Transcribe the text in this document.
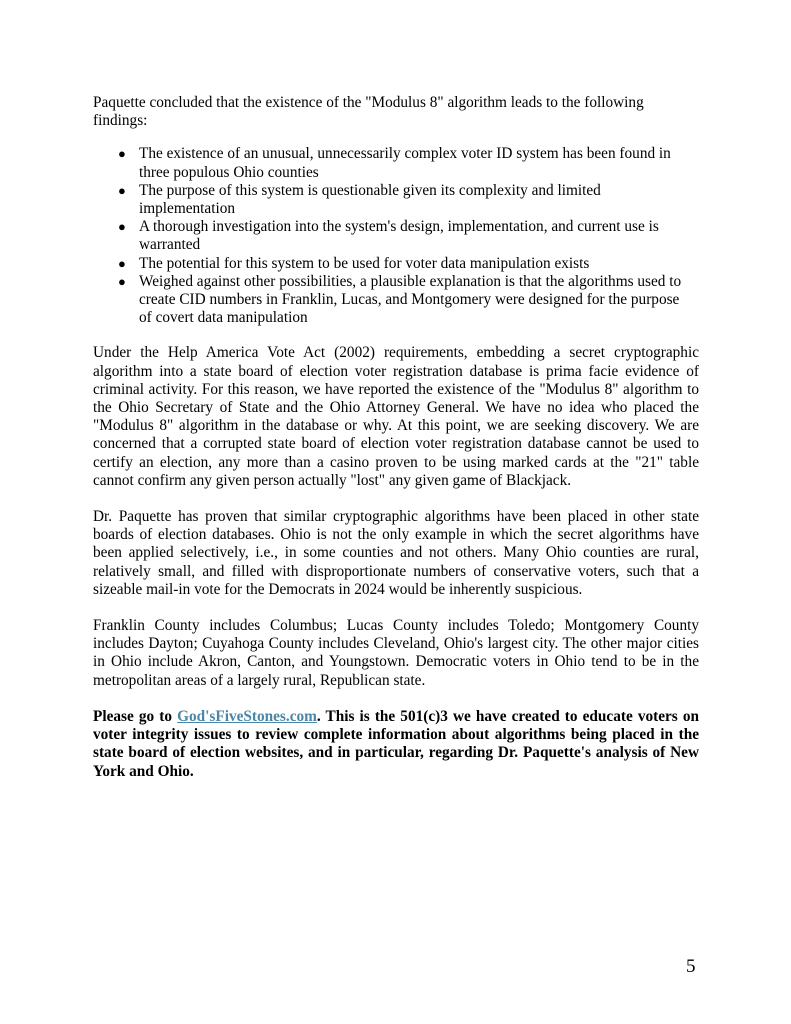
Paquette concluded that the existence of the "Modulus 8" algorithm leads to the following findings:

● The existence of an unusual, unnecessarily complex voter ID system has been found in three populous Ohio counties
● The purpose of this system is questionable given its complexity and limited implementation
● A thorough investigation into the system's design, implementation, and current use is warranted
● The potential for this system to be used for voter data manipulation exists
● Weighed against other possibilities, a plausible explanation is that the algorithms used to create CID numbers in Franklin, Lucas, and Montgomery were designed for the purpose of covert data manipulation

Under the Help America Vote Act (2002) requirements, embedding a secret cryptographic algorithm into a state board of election voter registration database is prima facie evidence of criminal activity. For this reason, we have reported the existence of the "Modulus 8" algorithm to the Ohio Secretary of State and the Ohio Attorney General. We have no idea who placed the "Modulus 8" algorithm in the database or why. At this point, we are seeking discovery. We are concerned that a corrupted state board of election voter registration database cannot be used to certify an election, any more than a casino proven to be using marked cards at the "21" table cannot confirm any given person actually "lost" any given game of Blackjack.

Dr. Paquette has proven that similar cryptographic algorithms have been placed in other state boards of election databases. Ohio is not the only example in which the secret algorithms have been applied selectively, i.e., in some counties and not others. Many Ohio counties are rural, relatively small, and filled with disproportionate numbers of conservative voters, such that a sizeable mail-in vote for the Democrats in 2024 would be inherently suspicious.

Franklin County includes Columbus; Lucas County includes Toledo; Montgomery County includes Dayton; Cuyahoga County includes Cleveland, Ohio's largest city. The other major cities in Ohio include Akron, Canton, and Youngstown. Democratic voters in Ohio tend to be in the metropolitan areas of a largely rural, Republican state.

Please go to God'sFiveStones.com. This is the 501(c)3 we have created to educate voters on voter integrity issues to review complete information about algorithms being placed in the state board of election websites, and in particular, regarding Dr. Paquette's analysis of New York and Ohio.

5
